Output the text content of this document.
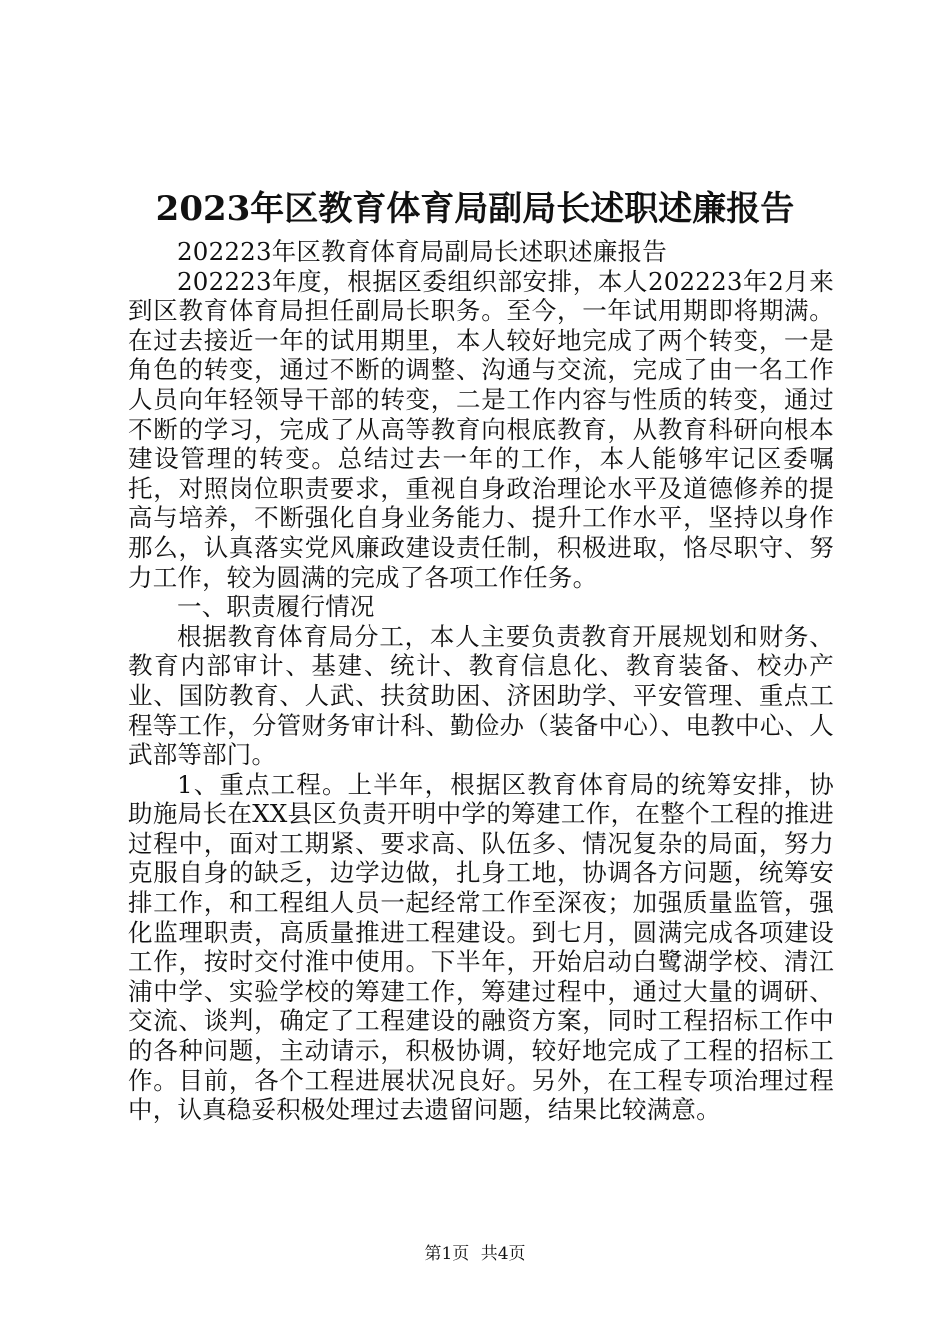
2023年区教育体育局副局长述职述廉报告

202223年区教育体育局副局长述职述廉报告

202223年度，根据区委组织部安排，本人202223年2月来到区教育体育局担任副局长职务。至今，一年试用期即将期满。在过去接近一年的试用期里，本人较好地完成了两个转变，一是角色的转变，通过不断的调整、沟通与交流，完成了由一名工作人员向年轻领导干部的转变，二是工作内容与性质的转变，通过不断的学习，完成了从高等教育向根底教育，从教育科研向根本建设管理的转变。总结过去一年的工作，本人能够牢记区委嘱托，对照岗位职责要求，重视自身政治理论水平及道德修养的提高与培养，不断强化自身业务能力、提升工作水平，坚持以身作那么，认真落实党风廉政建设责任制，积极进取，恪尽职守、努力工作，较为圆满的完成了各项工作任务。

一、职责履行情况

根据教育体育局分工，本人主要负责教育开展规划和财务、教育内部审计、基建、统计、教育信息化、教育装备、校办产业、国防教育、人武、扶贫助困、济困助学、平安管理、重点工程等工作，分管财务审计科、勤俭办（装备中心）、电教中心、人武部等部门。

1、重点工程。上半年，根据区教育体育局的统筹安排，协助施局长在XX县区负责开明中学的筹建工作，在整个工程的推进过程中，面对工期紧、要求高、队伍多、情况复杂的局面，努力克服自身的缺乏，边学边做，扎身工地，协调各方问题，统筹安排工作，和工程组人员一起经常工作至深夜；加强质量监管，强化监理职责，高质量推进工程建设。到七月，圆满完成各项建设工作，按时交付淮中使用。下半年，开始启动白鹭湖学校、清江浦中学、实验学校的筹建工作，筹建过程中，通过大量的调研、交流、谈判，确定了工程建设的融资方案，同时工程招标工作中的各种问题，主动请示，积极协调，较好地完成了工程的招标工作。目前，各个工程进展状况良好。另外，在工程专项治理过程中，认真稳妥积极处理过去遗留问题，结果比较满意。

第1页 共4页
